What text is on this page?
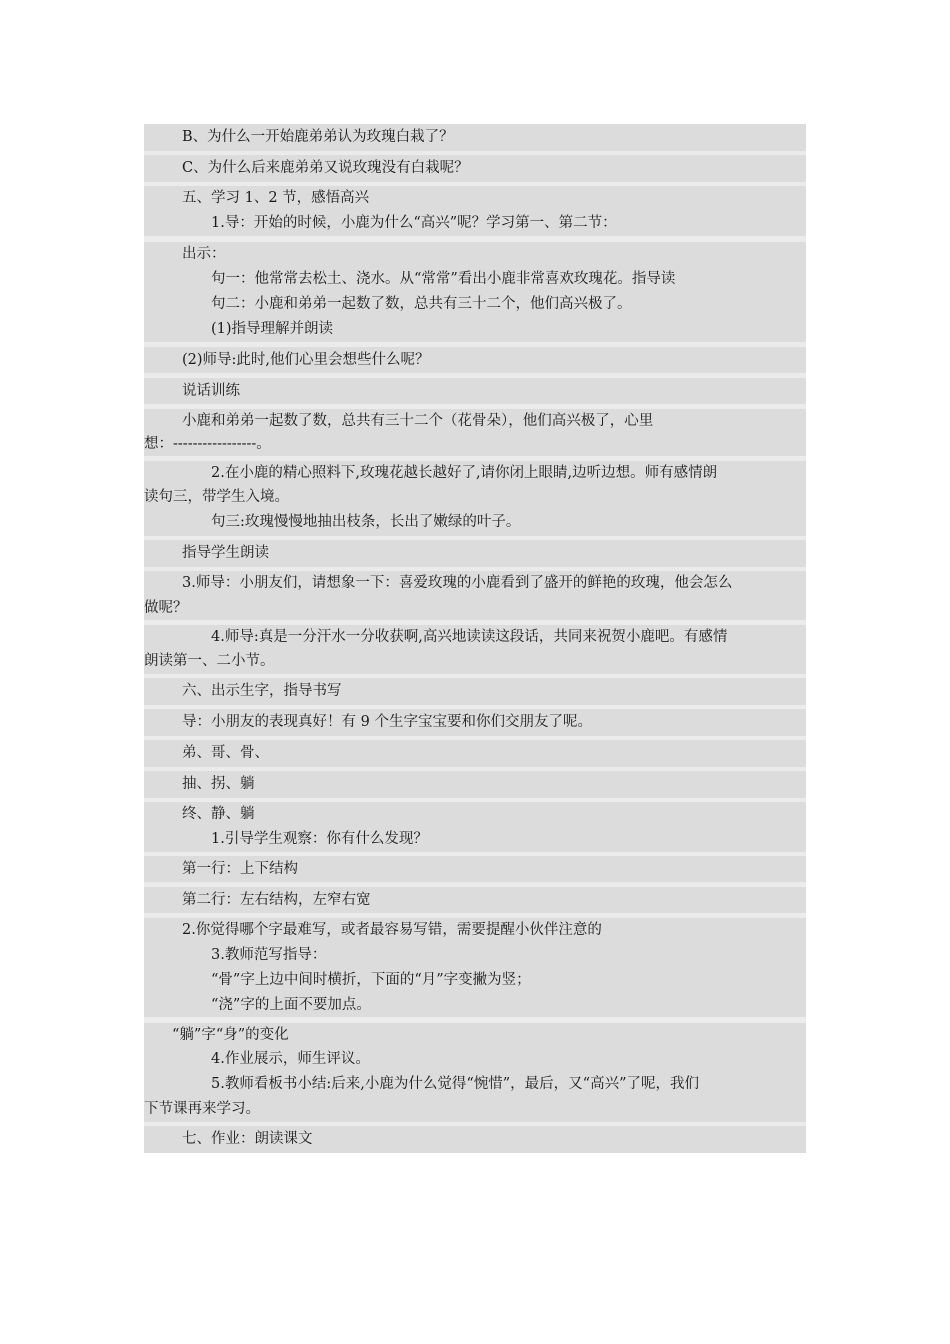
B、为什么一开始鹿弟弟认为玫瑰白栽了？
C、为什么后来鹿弟弟又说玫瑰没有白栽呢？
五、学习 1、2 节，感悟高兴
1.导：开始的时候，小鹿为什么“高兴”呢？学习第一、第二节：
出示：
句一：他常常去松土、浇水。从“常常”看出小鹿非常喜欢玫瑰花。指导读
句二：小鹿和弟弟一起数了数，总共有三十二个，他们高兴极了。
(1)指导理解并朗读
(2)师导:此时,他们心里会想些什么呢？
说话训练
小鹿和弟弟一起数了数，总共有三十二个（花骨朵），他们高兴极了，心里
想：-----------------。
2.在小鹿的精心照料下,玫瑰花越长越好了,请你闭上眼睛,边听边想。师有感情朗
读句三，带学生入境。
句三:玫瑰慢慢地抽出枝条，长出了嫩绿的叶子。
指导学生朗读
3.师导：小朋友们，请想象一下：喜爱玫瑰的小鹿看到了盛开的鲜艳的玫瑰，他会怎么
做呢？
4.师导:真是一分汗水一分收获啊,高兴地读读这段话，共同来祝贺小鹿吧。有感情
朗读第一、二小节。
六、出示生字，指导书写
导：小朋友的表现真好！有 9 个生字宝宝要和你们交朋友了呢。
弟、哥、骨、
抽、拐、躺
终、静、躺
1.引导学生观察：你有什么发现？
第一行：上下结构
第二行：左右结构，左窄右宽
2.你觉得哪个字最难写，或者最容易写错，需要提醒小伙伴注意的
3.教师范写指导：
“骨”字上边中间时横折，下面的“月”字变撇为竖；
“浇”字的上面不要加点。
“躺”字“身”的变化
4.作业展示，师生评议。
5.教师看板书小结:后来,小鹿为什么觉得“惋惜”，最后，又“高兴”了呢，我们
下节课再来学习。
七、作业：朗读课文
